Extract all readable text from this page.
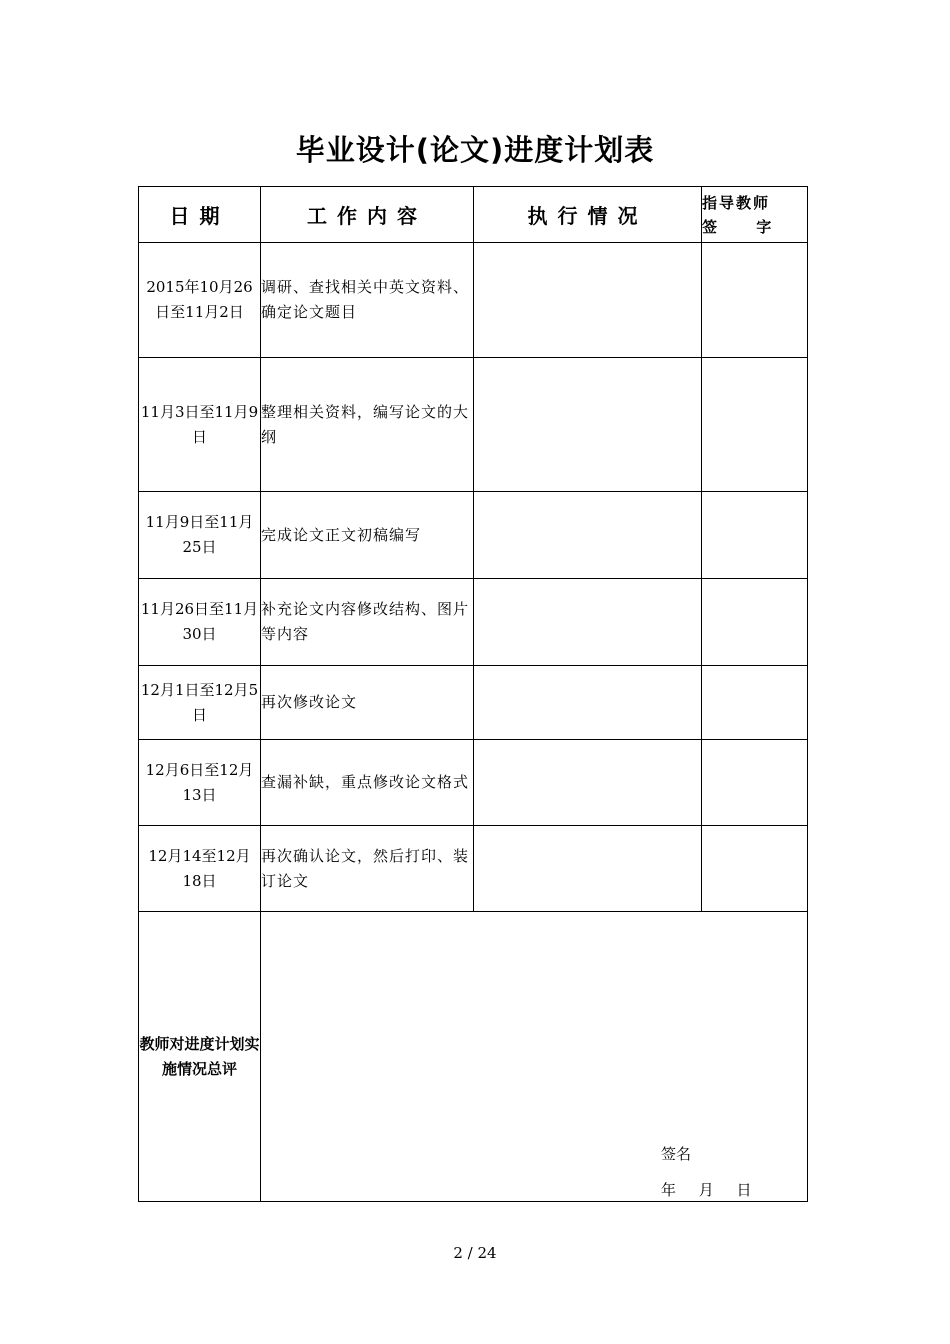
毕业设计(论文)进度计划表
日期	工作内容	执行情况	指导教师
签 字

2015年10月26日至11月2日	调研、查找相关中英文资料、确定论文题目		
11月3日至11月9日	整理相关资料，编写论文的大纲		
11月9日至11月25日	完成论文正文初稿编写		
11月26日至11月30日	补充论文内容修改结构、图片等内容		
12月1日至12月5日	再次修改论文		
12月6日至12月13日	查漏补缺，重点修改论文格式		
12月14至12月18日	再次确认论文，然后打印、装订论文		
教师对进度计划实施情况总评	签名
年 月 日		
2 / 24
